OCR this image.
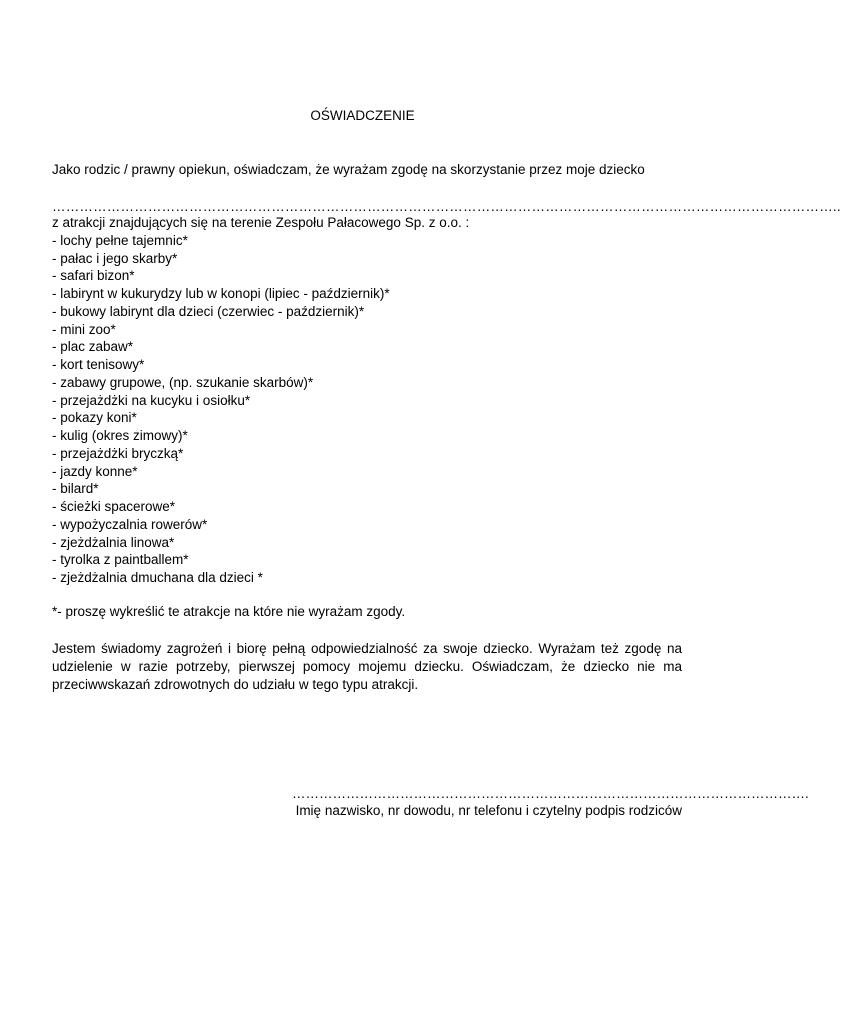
OŚWIADCZENIE
Jako rodzic / prawny opiekun, oświadczam, że wyrażam zgodę na skorzystanie przez moje dziecko
………………………………………………………………………………………………………………………………………………………..
z atrakcji znajdujących się na terenie Zespołu Pałacowego Sp. z o.o. :
- lochy pełne tajemnic*
- pałac i jego skarby*
- safari bizon*
- labirynt w kukurydzy lub w konopi (lipiec - październik)*
- bukowy labirynt dla dzieci (czerwiec - październik)*
- mini zoo*
- plac zabaw*
- kort tenisowy*
- zabawy grupowe, (np. szukanie skarbów)*
- przejażdżki na kucyku i osiołku*
- pokazy koni*
- kulig (okres zimowy)*
- przejażdżki bryczką*
- jazdy konne*
- bilard*
- ścieżki spacerowe*
- wypożyczalnia rowerów*
- zjeżdżalnia linowa*
- tyrolka z paintballem*
- zjeżdżalnia dmuchana dla dzieci *
*- proszę wykreślić te atrakcje na które nie wyrażam zgody.
Jestem świadomy zagrożeń i biorę pełną odpowiedzialność za swoje dziecko. Wyrażam też zgodę na udzielenie w razie potrzeby, pierwszej pomocy mojemu dziecku. Oświadczam, że dziecko nie ma przeciwwskazań zdrowotnych do udziału w tego typu atrakcji.
…………………………………………………………………………………………………….
Imię nazwisko, nr dowodu, nr telefonu i czytelny podpis rodziców
